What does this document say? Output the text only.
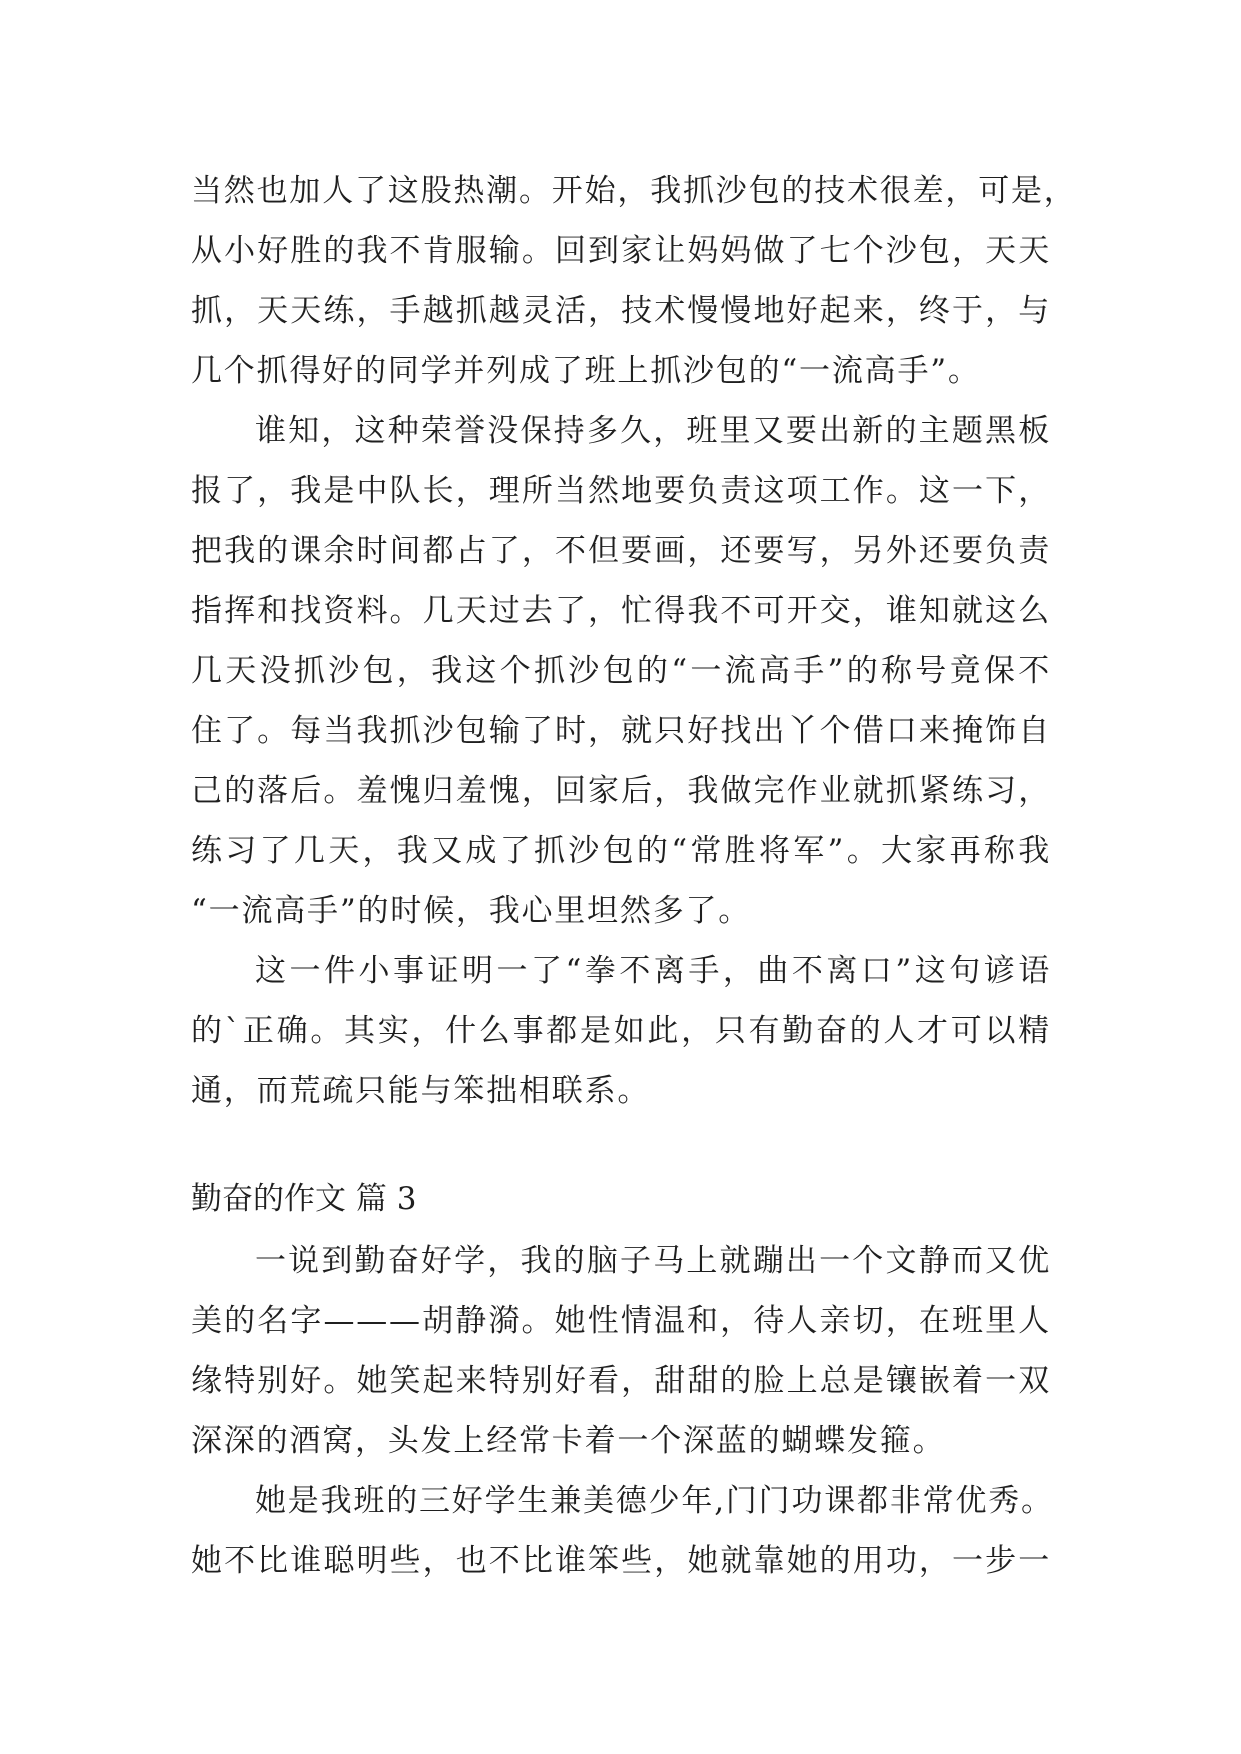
当然也加人了这股热潮。开始，我抓沙包的技术很差，可是，
从小好胜的我不肯服输。回到家让妈妈做了七个沙包，天天
抓，天天练，手越抓越灵活，技术慢慢地好起来，终于，与
几个抓得好的同学并列成了班上抓沙包的“一流高手”。
谁知，这种荣誉没保持多久，班里又要出新的主题黑板
报了，我是中队长，理所当然地要负责这项工作。这一下，
把我的课余时间都占了，不但要画，还要写，另外还要负责
指挥和找资料。几天过去了，忙得我不可开交，谁知就这么
几天没抓沙包，我这个抓沙包的“一流高手”的称号竟保不
住了。每当我抓沙包输了时，就只好找出丫个借口来掩饰自
己的落后。羞愧归羞愧，回家后，我做完作业就抓紧练习，
练习了几天，我又成了抓沙包的“常胜将军”。大家再称我
“一流高手”的时候，我心里坦然多了。
这一件小事证明一了“拳不离手，曲不离口”这句谚语
的`正确。其实，什么事都是如此，只有勤奋的人才可以精
通，而荒疏只能与笨拙相联系。
勤奋的作文 篇 3
一说到勤奋好学，我的脑子马上就蹦出一个文静而又优
美的名字———胡静漪。她性情温和，待人亲切，在班里人
缘特别好。她笑起来特别好看，甜甜的脸上总是镶嵌着一双
深深的酒窝，头发上经常卡着一个深蓝的蝴蝶发箍。
她是我班的三好学生兼美德少年,门门功课都非常优秀。
她不比谁聪明些，也不比谁笨些，她就靠她的用功，一步一
